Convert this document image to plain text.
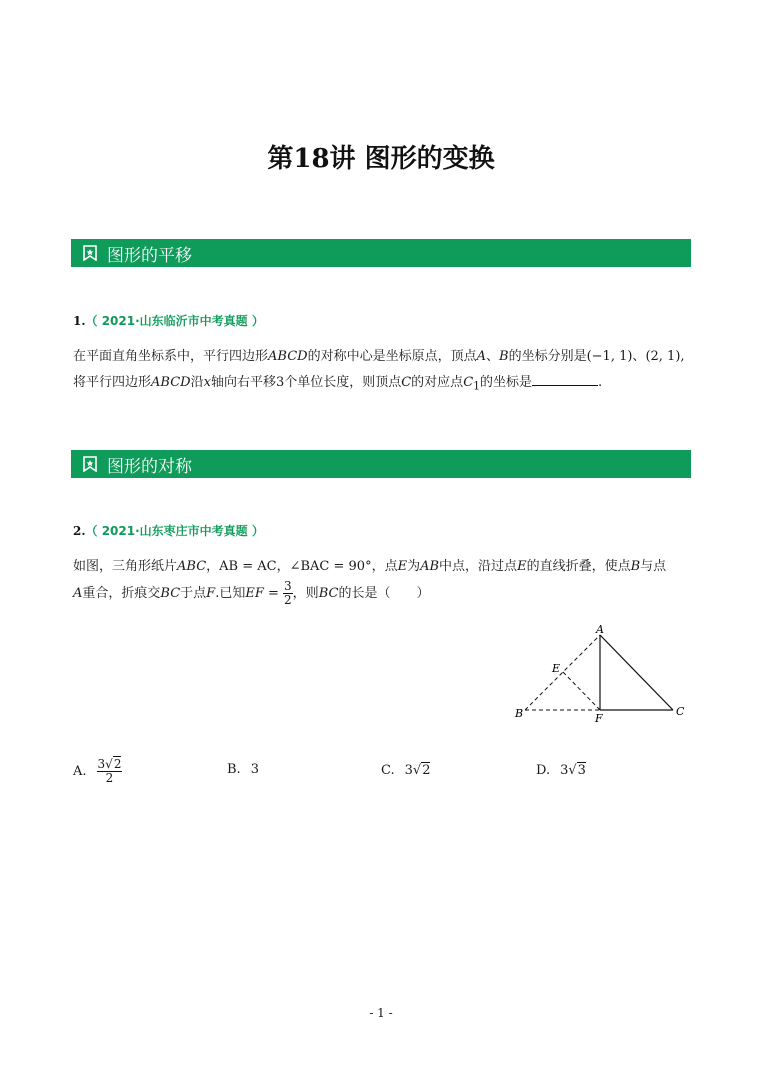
第18讲 图形的变换
图形的平移
1.（ 2021·山东临沂市中考真题 ）
在平面直角坐标系中，平行四边形ABCD的对称中心是坐标原点，顶点A、B的坐标分别是(−1, 1)、(2, 1),
将平行四边形ABCD沿x轴向右平移3个单位长度，则顶点C的对应点$C_1$的坐标是	.
图形的对称
2.（ 2021·山东枣庄市中考真题 ）
如图，三角形纸片ABC，AB = AC，∠BAC = 90°，点E为AB中点，沿过点E的直线折叠，使点B与点
A重合，折痕交BC于点F.已知EF = $\frac{3}{2}$ ，则BC的长是（　　）
A
B	C
E
F
A. $\frac{3√2}{2}$	B. 3	C. 3 √ 2	D. 3 √ 3
- 1 -
